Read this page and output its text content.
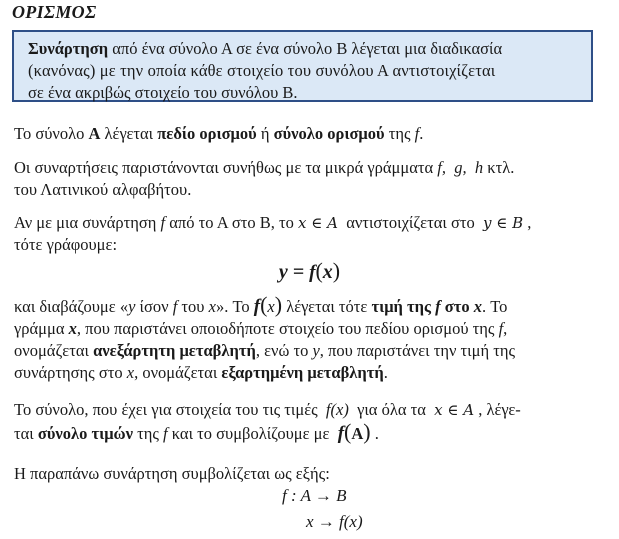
ΟΡΙΣΜΟΣ
Συνάρτηση από ένα σύνολο Α σε ένα σύνολο Β λέγεται μια διαδικασία
(κανόνας) με την οποία κάθε στοιχείο του συνόλου Α αντιστοιχίζεται
σε ένα ακριβώς στοιχείο του συνόλου Β.

Το σύνολο Α λέγεται πεδίο ορισμού ή σύνολο ορισμού της f.

Οι συναρτήσεις παριστάνονται συνήθως με τα μικρά γράμματα f,  g,  h κτλ.
του Λατινικού αλφαβήτου.

Αν με μια συνάρτηση f από το Α στο Β, το x ∈ A  αντιστοιχίζεται στο  y ∈ B ,
τότε γράφουμε:

y = f(x)

και διαβάζουμε «y ίσον f του x». Το f(x) λέγεται τότε τιμή της f στο x. Το
γράμμα x, που παριστάνει οποιοδήποτε στοιχείο του πεδίου ορισμού της f,
ονομάζεται ανεξάρτητη μεταβλητή, ενώ το y, που παριστάνει την τιμή της
συνάρτησης στο x, ονομάζεται εξαρτημένη μεταβλητή.

Το σύνολο, που έχει για στοιχεία του τις τιμές  f(x)  για όλα τα  x ∈ A , λέγε-
ται σύνολο τιμών της f και το συμβολίζουμε με  f(A) .

Η παραπάνω συνάρτηση συμβολίζεται ως εξής:

f : A → B
x → f(x)
